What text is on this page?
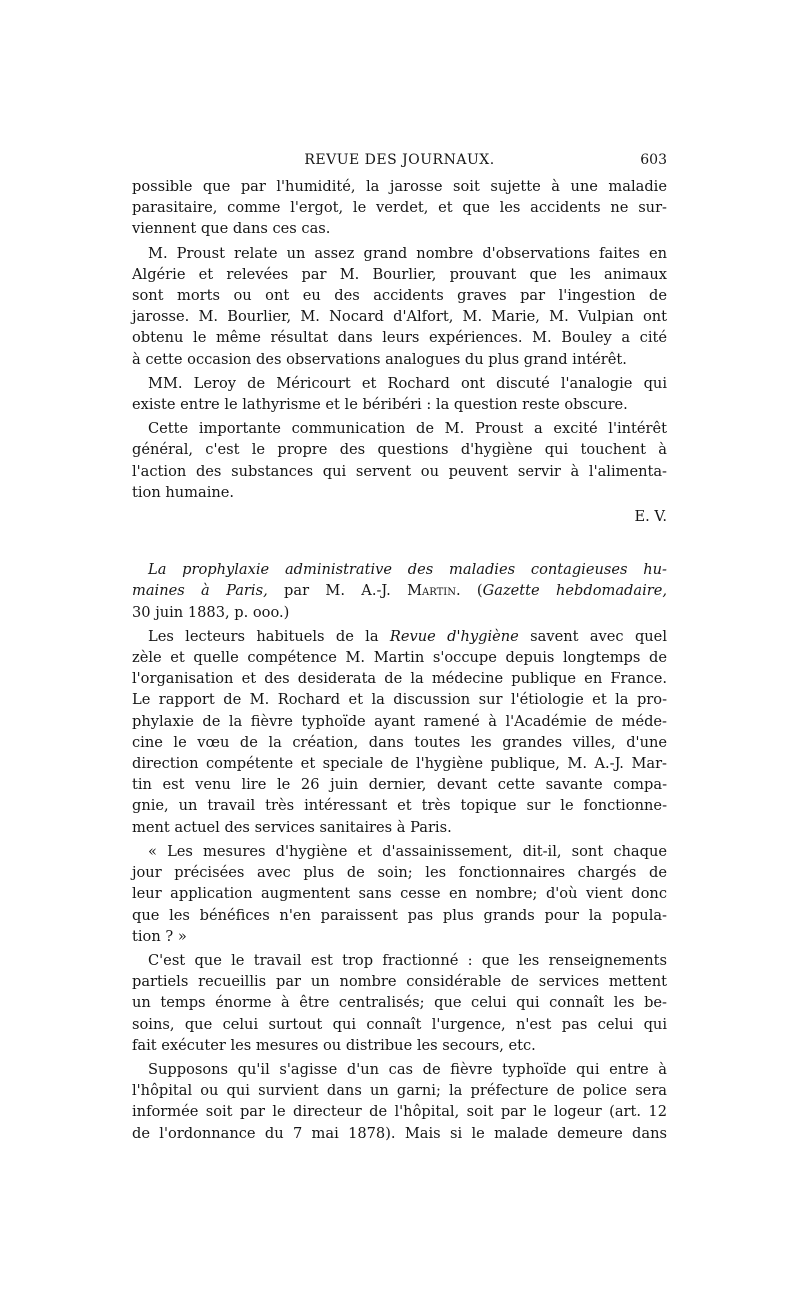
REVUE DES JOURNAUX.	603
possible que par l'humidité, la jarosse soit sujette à une maladie
parasitaire, comme l'ergot, le verdet, et que les accidents ne sur-
viennent que dans ces cas.
M. Proust relate un assez grand nombre d'observations faites en
Algérie et relevées par M. Bourlier, prouvant que les animaux
sont morts ou ont eu des accidents graves par l'ingestion de
jarosse. M. Bourlier, M. Nocard d'Alfort, M. Marie, M. Vulpian ont
obtenu le même résultat dans leurs expériences. M. Bouley a cité
à cette occasion des observations analogues du plus grand intérêt.
MM. Leroy de Méricourt et Rochard ont discuté l'analogie qui
existe entre le lathyrisme et le béribéri : la question reste obscure.
Cette importante communication de M. Proust a excité l'intérêt
général, c'est le propre des questions d'hygiène qui touchent à
l'action des substances qui servent ou peuvent servir à l'alimenta-
tion humaine.
E. V.
La prophylaxie administrative des maladies contagieuses hu-
maines à Paris, par M. A.-J. Martin. (Gazette hebdomadaire,
30 juin 1883, p. ooo.)
Les lecteurs habituels de la Revue d'hygiène savent avec quel
zèle et quelle compétence M. Martin s'occupe depuis longtemps de
l'organisation et des desiderata de la médecine publique en France.
Le rapport de M. Rochard et la discussion sur l'étiologie et la pro-
phylaxie de la fièvre typhoïde ayant ramené à l'Académie de méde-
cine le vœu de la création, dans toutes les grandes villes, d'une
direction compétente et speciale de l'hygiène publique, M. A.-J. Mar-
tin est venu lire le 26 juin dernier, devant cette savante compa-
gnie, un travail très intéressant et très topique sur le fonctionne-
ment actuel des services sanitaires à Paris.
« Les mesures d'hygiène et d'assainissement, dit-il, sont chaque
jour précisées avec plus de soin; les fonctionnaires chargés de
leur application augmentent sans cesse en nombre; d'où vient donc
que les bénéfices n'en paraissent pas plus grands pour la popula-
tion ? »
C'est que le travail est trop fractionné : que les renseignements
partiels recueillis par un nombre considérable de services mettent
un temps énorme à être centralisés; que celui qui connaît les be-
soins, que celui surtout qui connaît l'urgence, n'est pas celui qui
fait exécuter les mesures ou distribue les secours, etc.
Supposons qu'il s'agisse d'un cas de fièvre typhoïde qui entre à
l'hôpital ou qui survient dans un garni; la préfecture de police sera
informée soit par le directeur de l'hôpital, soit par le logeur (art. 12
de l'ordonnance du 7 mai 1878). Mais si le malade demeure dans
